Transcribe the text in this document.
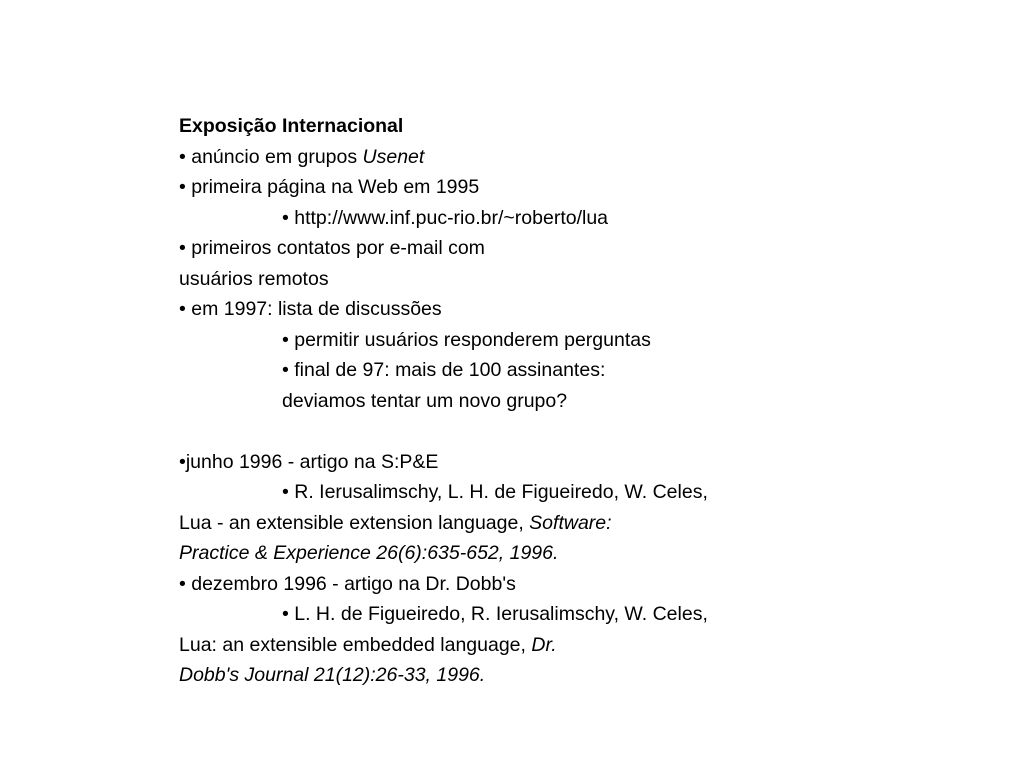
Exposição Internacional
• anúncio em grupos Usenet
• primeira página na Web em 1995
• http://www.inf.puc-rio.br/~roberto/lua
• primeiros contatos por e-mail com
usuários remotos
• em 1997: lista de discussões
• permitir usuários responderem perguntas
• final de 97: mais de 100 assinantes:
deviamos tentar um novo grupo?
•junho 1996 - artigo na S:P&E
• R. Ierusalimschy, L. H. de Figueiredo, W. Celes,
Lua - an extensible extension language, Software:
Practice & Experience 26(6):635-652, 1996.
• dezembro 1996 - artigo na Dr. Dobb's
• L. H. de Figueiredo, R. Ierusalimschy, W. Celes,
Lua: an extensible embedded language, Dr.
Dobb's Journal 21(12):26-33, 1996.
